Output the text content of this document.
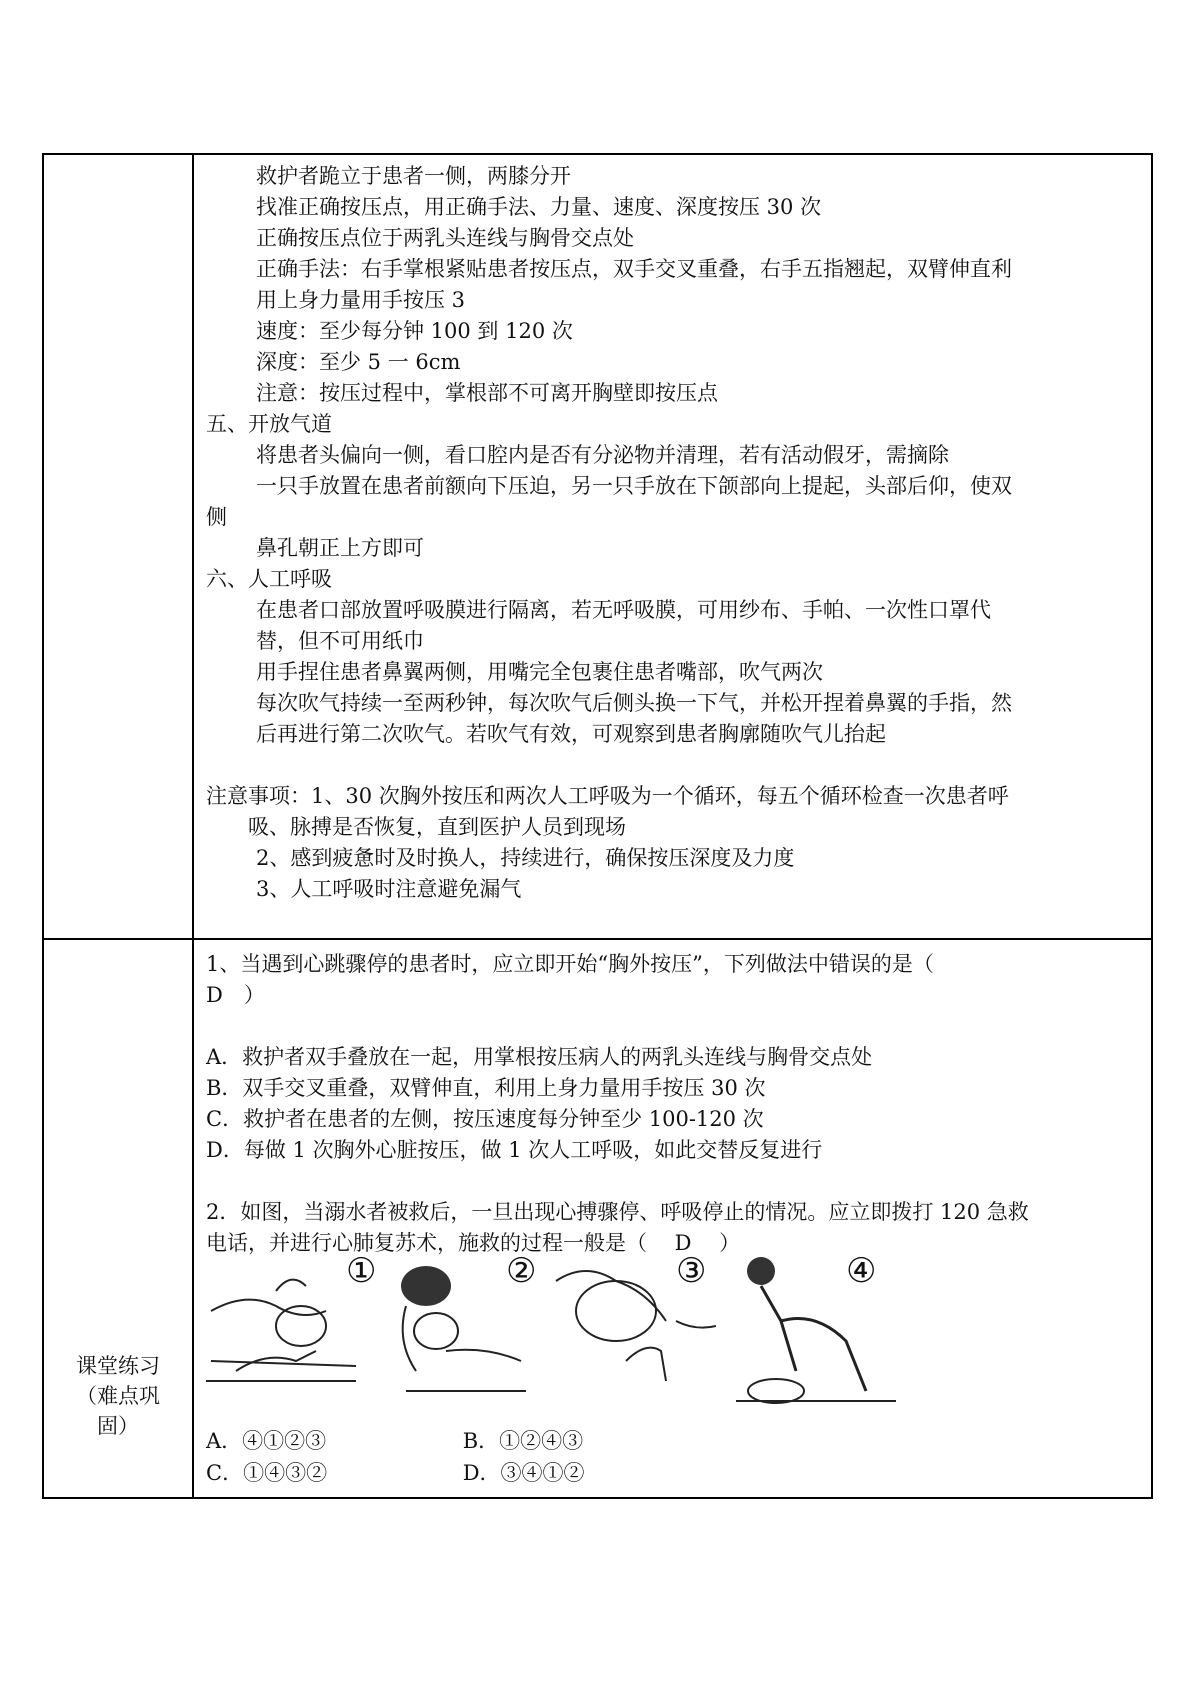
救护者跪立于患者一侧，两膝分开
找准正确按压点，用正确手法、力量、速度、深度按压 30 次
正确按压点位于两乳头连线与胸骨交点处
正确手法：右手掌根紧贴患者按压点，双手交叉重叠，右手五指翘起，双臂伸直利
用上身力量用手按压 3
速度：至少每分钟 100 到 120 次
深度：至少 5 一 6cm
注意：按压过程中，掌根部不可离开胸壁即按压点
五、开放气道
将患者头偏向一侧，看口腔内是否有分泌物并清理，若有活动假牙，需摘除
一只手放置在患者前额向下压迫，另一只手放在下颌部向上提起，头部后仰，使双
侧
鼻孔朝正上方即可
六、人工呼吸
在患者口部放置呼吸膜进行隔离，若无呼吸膜，可用纱布、手帕、一次性口罩代
替，但不可用纸巾
用手捏住患者鼻翼两侧，用嘴完全包裹住患者嘴部，吹气两次
每次吹气持续一至两秒钟，每次吹气后侧头换一下气，并松开捏着鼻翼的手指，然
后再进行第二次吹气。若吹气有效，可观察到患者胸廓随吹气儿抬起
注意事项：1、30 次胸外按压和两次人工呼吸为一个循环，每五个循环检查一次患者呼
吸、脉搏是否恢复，直到医护人员到现场
2、感到疲惫时及时换人，持续进行，确保按压深度及力度
3、人工呼吸时注意避免漏气
课堂练习
（难点巩
固）
1、当遇到心跳骤停的患者时，应立即开始“胸外按压”，下列做法中错误的是（
D　）
A．救护者双手叠放在一起，用掌根按压病人的两乳头连线与胸骨交点处
B．双手交叉重叠，双臂伸直，利用上身力量用手按压 30 次
C．救护者在患者的左侧，按压速度每分钟至少 100-120 次
D．每做 1 次胸外心脏按压，做 1 次人工呼吸，如此交替反复进行
2．如图，当溺水者被救后，一旦出现心搏骤停、呼吸停止的情况。应立即拨打 120 急救
电话，并进行心肺复苏术，施救的过程一般是（　 D　 ）
①	②	③	④
A．④①②③	B．①②④③
C．①④③②	D．③④①②
